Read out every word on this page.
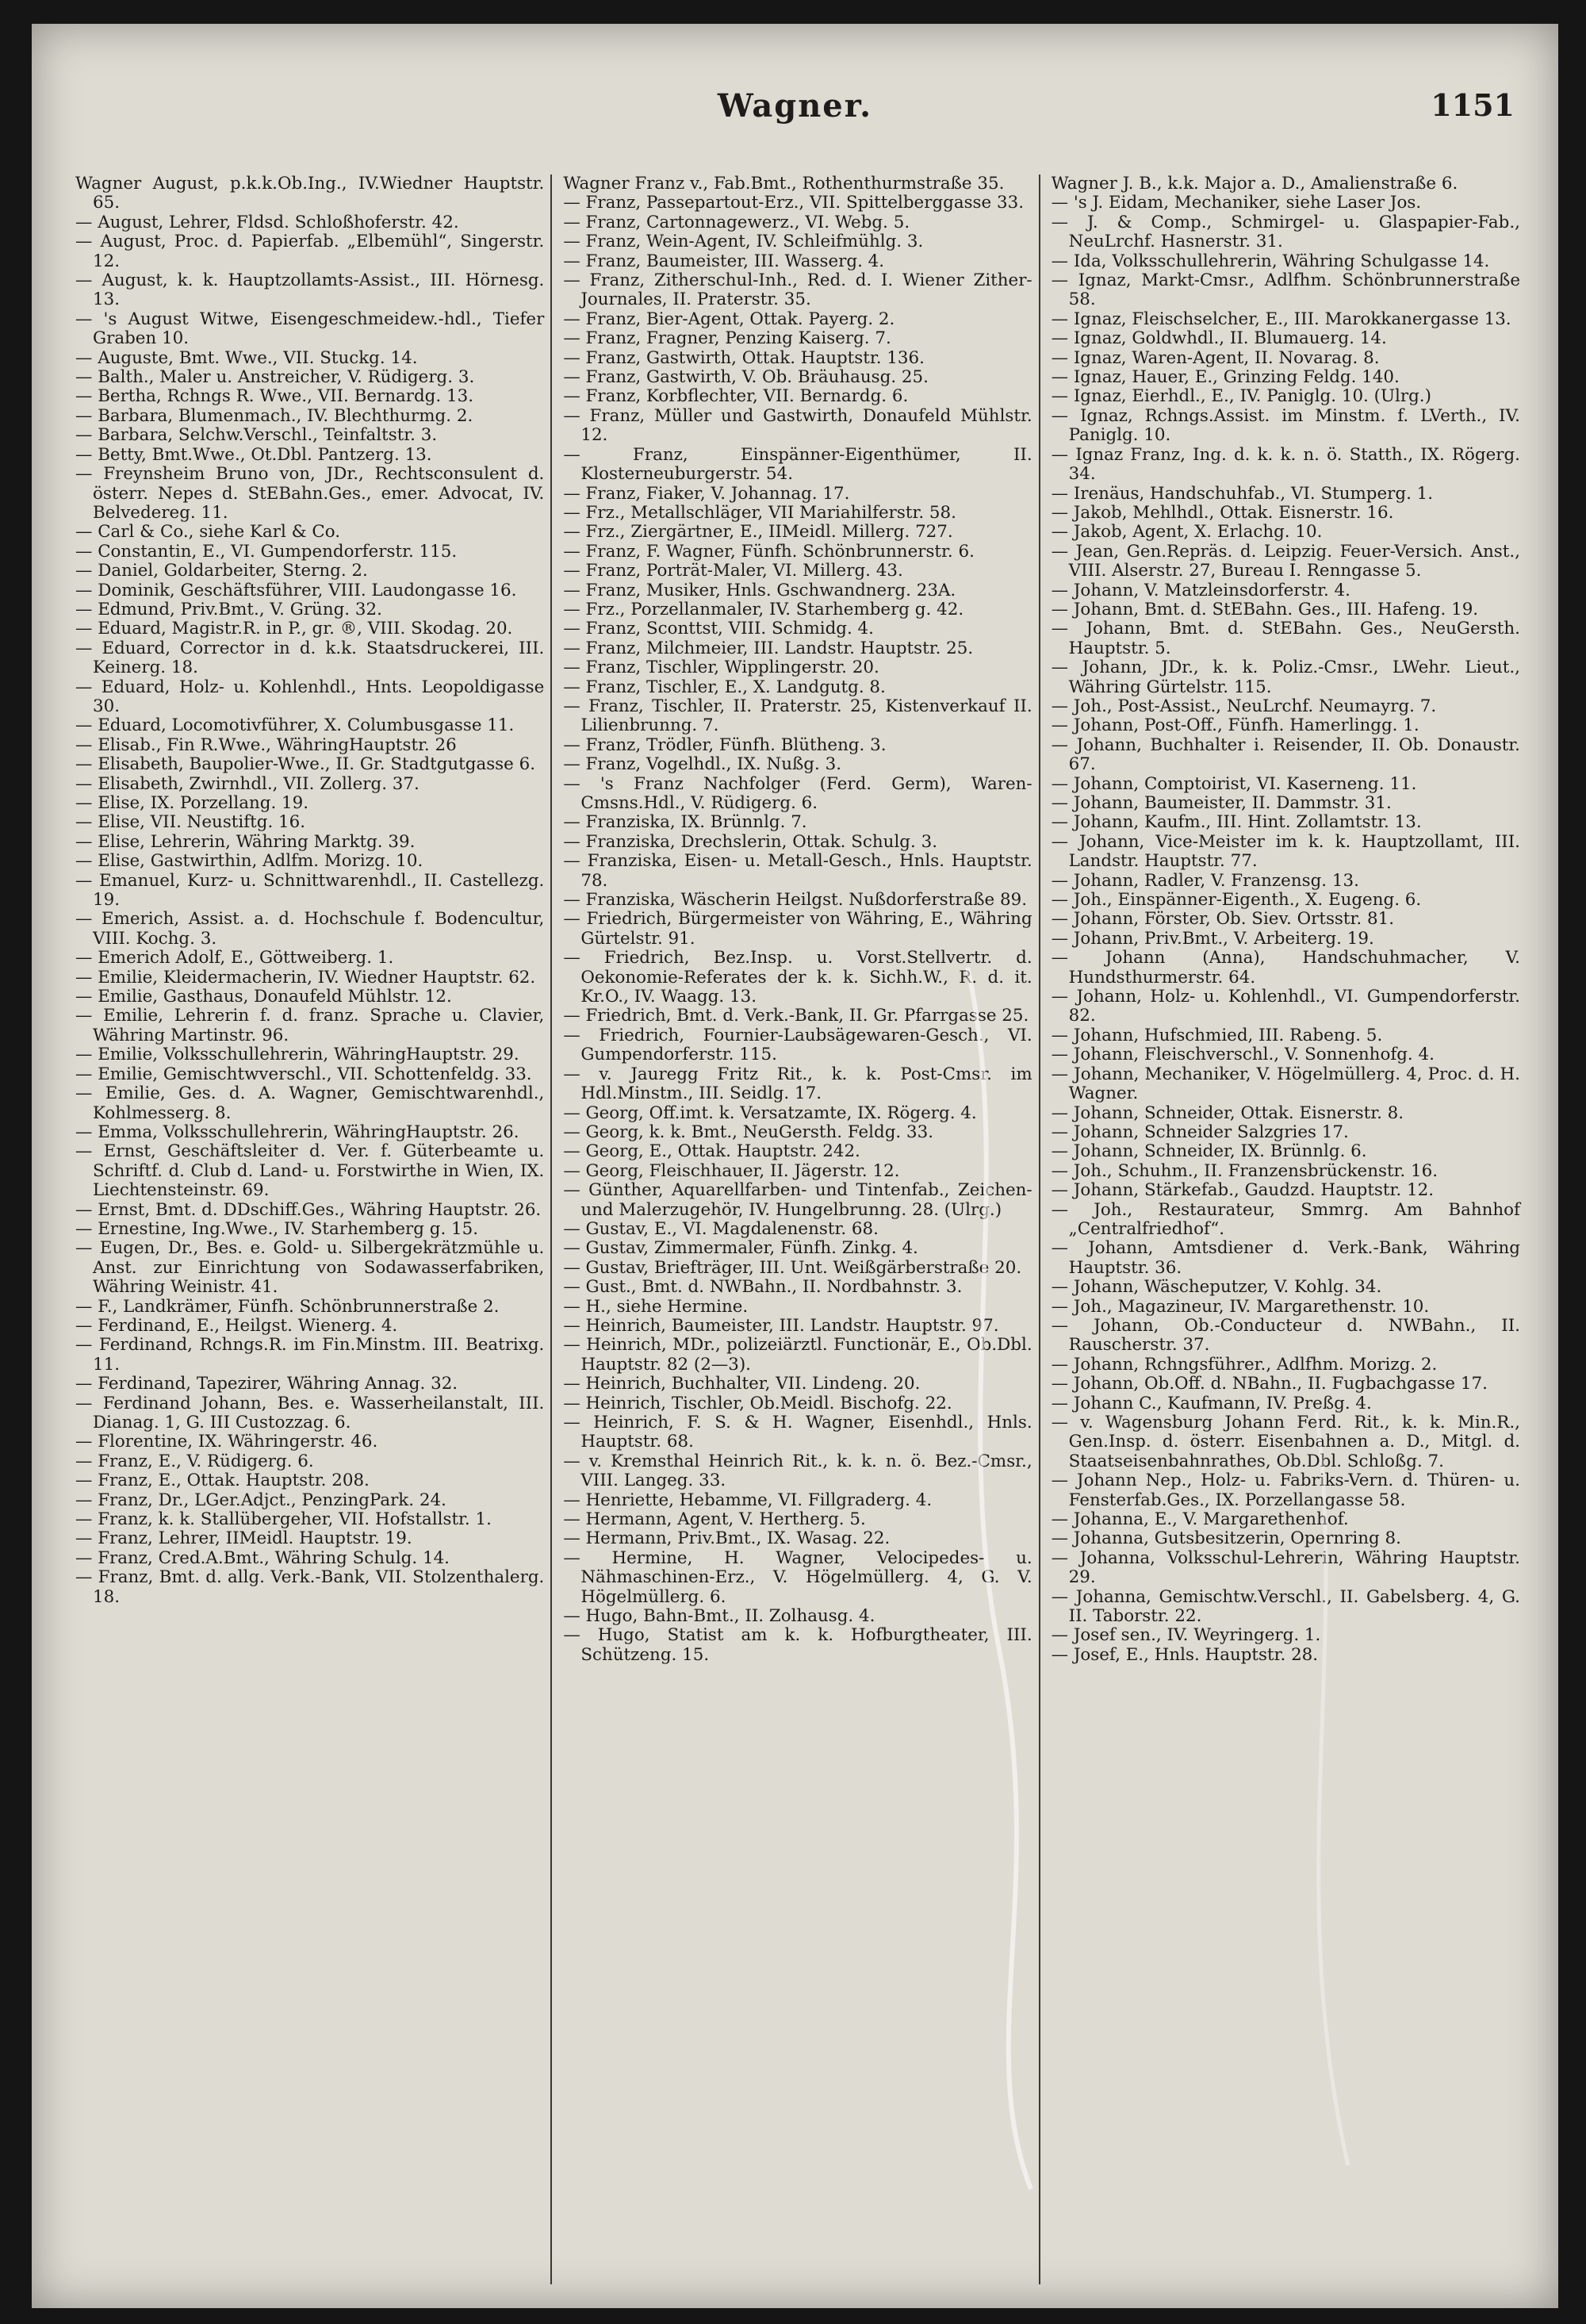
Wagner.	1151

Wagner August, p.k.k.Ob.Ing., IV.Wiedner Hauptstr. 65.

— August, Lehrer, Fldsd. Schloßhoferstr. 42.

— August, Proc. d. Papierfab. „Elbemühl“, Singerstr. 12.

— August, k. k. Hauptzollamts-Assist., III. Hörnesg. 13.

— 's August Witwe, Eisengeschmeidew.-hdl., Tiefer Graben 10.

— Auguste, Bmt. Wwe., VII. Stuckg. 14.

— Balth., Maler u. Anstreicher, V. Rüdigerg. 3.

— Bertha, Rchngs R. Wwe., VII. Bernardg. 13.

— Barbara, Blumenmach., IV. Blechthurmg. 2.

— Barbara, Selchw.Verschl., Teinfaltstr. 3.

— Betty, Bmt.Wwe., Ot.Dbl. Pantzerg. 13.

— Freynsheim Bruno von, JDr., Rechtsconsulent d. österr. Nepes d. StEBahn.Ges., emer. Advocat, IV. Belvedereg. 11.

— Carl & Co., siehe Karl & Co.

— Constantin, E., VI. Gumpendorferstr. 115.

— Daniel, Goldarbeiter, Sterng. 2.

— Dominik, Geschäftsführer, VIII. Laudongasse 16.

— Edmund, Priv.Bmt., V. Grüng. 32.

— Eduard, Magistr.R. in P., gr. ®, VIII. Skodag. 20.

— Eduard, Corrector in d. k.k. Staatsdruckerei, III. Keinerg. 18.

— Eduard, Holz- u. Kohlenhdl., Hnts. Leopoldigasse 30.

— Eduard, Locomotivführer, X. Columbusgasse 11.

— Elisab., Fin R.Wwe., WähringHauptstr. 26

— Elisabeth, Baupolier-Wwe., II. Gr. Stadtgutgasse 6.

— Elisabeth, Zwirnhdl., VII. Zollerg. 37.

— Elise, IX. Porzellang. 19.

— Elise, VII. Neustiftg. 16.

— Elise, Lehrerin, Währing Marktg. 39.

— Elise, Gastwirthin, Adlfm. Morizg. 10.

— Emanuel, Kurz- u. Schnittwarenhdl., II. Castellezg. 19.

— Emerich, Assist. a. d. Hochschule f. Bodencultur, VIII. Kochg. 3.

— Emerich Adolf, E., Göttweiberg. 1.

— Emilie, Kleidermacherin, IV. Wiedner Hauptstr. 62.

— Emilie, Gasthaus, Donaufeld Mühlstr. 12.

— Emilie, Lehrerin f. d. franz. Sprache u. Clavier, Währing Martinstr. 96.

— Emilie, Volksschullehrerin, WähringHauptstr. 29.

— Emilie, Gemischtwverschl., VII. Schottenfeldg. 33.

— Emilie, Ges. d. A. Wagner, Gemischtwarenhdl., Kohlmesserg. 8.

— Emma, Volksschullehrerin, WähringHauptstr. 26.

— Ernst, Geschäftsleiter d. Ver. f. Güterbeamte u. Schriftf. d. Club d. Land- u. Forstwirthe in Wien, IX. Liechtensteinstr. 69.

— Ernst, Bmt. d. DDschiff.Ges., Währing Hauptstr. 26.

— Ernestine, Ing.Wwe., IV. Starhemberg g. 15.

— Eugen, Dr., Bes. e. Gold- u. Silbergekrätzmühle u. Anst. zur Einrichtung von Sodawasserfabriken, Währing Weinistr. 41.

— F., Landkrämer, Fünfh. Schönbrunnerstraße 2.

— Ferdinand, E., Heilgst. Wienerg. 4.

— Ferdinand, Rchngs.R. im Fin.Minstm. III. Beatrixg. 11.

— Ferdinand, Tapezirer, Währing Annag. 32.

— Ferdinand Johann, Bes. e. Wasserheilanstalt, III. Dianag. 1, G. III Custozzag. 6.

— Florentine, IX. Währingerstr. 46.

— Franz, E., V. Rüdigerg. 6.

— Franz, E., Ottak. Hauptstr. 208.

— Franz, Dr., LGer.Adjct., PenzingPark. 24.

— Franz, k. k. Stallübergeher, VII. Hofstallstr. 1.

— Franz, Lehrer, IIMeidl. Hauptstr. 19.

— Franz, Cred.A.Bmt., Währing Schulg. 14.

— Franz, Bmt. d. allg. Verk.-Bank, VII. Stolzenthalerg. 18.

Wagner Franz v., Fab.Bmt., Rothenthurmstraße 35.

— Franz, Passepartout-Erz., VII. Spittelberggasse 33.

— Franz, Cartonnagewerz., VI. Webg. 5.

— Franz, Wein-Agent, IV. Schleifmühlg. 3.

— Franz, Baumeister, III. Wasserg. 4.

— Franz, Zitherschul-Inh., Red. d. I. Wiener Zither-Journales, II. Praterstr. 35.

— Franz, Bier-Agent, Ottak. Payerg. 2.

— Franz, Fragner, Penzing Kaiserg. 7.

— Franz, Gastwirth, Ottak. Hauptstr. 136.

— Franz, Gastwirth, V. Ob. Bräuhausg. 25.

— Franz, Korbflechter, VII. Bernardg. 6.

— Franz, Müller und Gastwirth, Donaufeld Mühlstr. 12.

— Franz, Einspänner-Eigenthümer, II. Klosterneuburgerstr. 54.

— Franz, Fiaker, V. Johannag. 17.

— Frz., Metallschläger, VII Mariahilferstr. 58.

— Frz., Ziergärtner, E., IIMeidl. Millerg. 727.

— Franz, F. Wagner, Fünfh. Schönbrunnerstr. 6.

— Franz, Porträt-Maler, VI. Millerg. 43.

— Franz, Musiker, Hnls. Gschwandnerg. 23A.

— Frz., Porzellanmaler, IV. Starhemberg g. 42.

— Franz, Sconttst, VIII. Schmidg. 4.

— Franz, Milchmeier, III. Landstr. Hauptstr. 25.

— Franz, Tischler, Wipplingerstr. 20.

— Franz, Tischler, E., X. Landgutg. 8.

— Franz, Tischler, II. Praterstr. 25, Kistenverkauf II. Lilienbrunng. 7.

— Franz, Trödler, Fünfh. Blütheng. 3.

— Franz, Vogelhdl., IX. Nußg. 3.

— 's Franz Nachfolger (Ferd. Germ), Waren-Cmsns.Hdl., V. Rüdigerg. 6.

— Franziska, IX. Brünnlg. 7.

— Franziska, Drechslerin, Ottak. Schulg. 3.

— Franziska, Eisen- u. Metall-Gesch., Hnls. Hauptstr. 78.

— Franziska, Wäscherin Heilgst. Nußdorferstraße 89.

— Friedrich, Bürgermeister von Währing, E., Währing Gürtelstr. 91.

— Friedrich, Bez.Insp. u. Vorst.Stellvertr. d. Oekonomie-Referates der k. k. Sichh.W., R. d. it. Kr.O., IV. Waagg. 13.

— Friedrich, Bmt. d. Verk.-Bank, II. Gr. Pfarrgasse 25.

— Friedrich, Fournier-Laubsägewaren-Gesch., VI. Gumpendorferstr. 115.

— v. Jauregg Fritz Rit., k. k. Post-Cmsr. im Hdl.Minstm., III. Seidlg. 17.

— Georg, Off.imt. k. Versatzamte, IX. Rögerg. 4.

— Georg, k. k. Bmt., NeuGersth. Feldg. 33.

— Georg, E., Ottak. Hauptstr. 242.

— Georg, Fleischhauer, II. Jägerstr. 12.

— Günther, Aquarellfarben- und Tintenfab., Zeichen- und Malerzugehör, IV. Hungelbrunng. 28. (Ulrg.)

— Gustav, E., VI. Magdalenenstr. 68.

— Gustav, Zimmermaler, Fünfh. Zinkg. 4.

— Gustav, Briefträger, III. Unt. Weißgärberstraße 20.

— Gust., Bmt. d. NWBahn., II. Nordbahnstr. 3.

— H., siehe Hermine.

— Heinrich, Baumeister, III. Landstr. Hauptstr. 97.

— Heinrich, MDr., polizeiärztl. Functionär, E., Ob.Dbl. Hauptstr. 82 (2—3).

— Heinrich, Buchhalter, VII. Lindeng. 20.

— Heinrich, Tischler, Ob.Meidl. Bischofg. 22.

— Heinrich, F. S. & H. Wagner, Eisenhdl., Hnls. Hauptstr. 68.

— v. Kremsthal Heinrich Rit., k. k. n. ö. Bez.-Cmsr., VIII. Langeg. 33.

— Henriette, Hebamme, VI. Fillgraderg. 4.

— Hermann, Agent, V. Hertherg. 5.

— Hermann, Priv.Bmt., IX. Wasag. 22.

— Hermine, H. Wagner, Velocipedes- u. Nähmaschinen-Erz., V. Högelmüllerg. 4, G. V. Högelmüllerg. 6.

— Hugo, Bahn-Bmt., II. Zolhausg. 4.

— Hugo, Statist am k. k. Hofburgtheater, III. Schützeng. 15.

Wagner J. B., k.k. Major a. D., Amalienstraße 6.

— 's J. Eidam, Mechaniker, siehe Laser Jos.

— J. & Comp., Schmirgel- u. Glaspapier-Fab., NeuLrchf. Hasnerstr. 31.

— Ida, Volksschullehrerin, Währing Schulgasse 14.

— Ignaz, Markt-Cmsr., Adlfhm. Schönbrunnerstraße 58.

— Ignaz, Fleischselcher, E., III. Marokkanergasse 13.

— Ignaz, Goldwhdl., II. Blumauerg. 14.

— Ignaz, Waren-Agent, II. Novarag. 8.

— Ignaz, Hauer, E., Grinzing Feldg. 140.

— Ignaz, Eierhdl., E., IV. Paniglg. 10. (Ulrg.)

— Ignaz, Rchngs.Assist. im Minstm. f. LVerth., IV. Paniglg. 10.

— Ignaz Franz, Ing. d. k. k. n. ö. Statth., IX. Rögerg. 34.

— Irenäus, Handschuhfab., VI. Stumperg. 1.

— Jakob, Mehlhdl., Ottak. Eisnerstr. 16.

— Jakob, Agent, X. Erlachg. 10.

— Jean, Gen.Repräs. d. Leipzig. Feuer-Versich. Anst., VIII. Alserstr. 27, Bureau I. Renngasse 5.

— Johann, V. Matzleinsdorferstr. 4.

— Johann, Bmt. d. StEBahn. Ges., III. Hafeng. 19.

— Johann, Bmt. d. StEBahn. Ges., NeuGersth. Hauptstr. 5.

— Johann, JDr., k. k. Poliz.-Cmsr., LWehr. Lieut., Währing Gürtelstr. 115.

— Joh., Post-Assist., NeuLrchf. Neumayrg. 7.

— Johann, Post-Off., Fünfh. Hamerlingg. 1.

— Johann, Buchhalter i. Reisender, II. Ob. Donaustr. 67.

— Johann, Comptoirist, VI. Kaserneng. 11.

— Johann, Baumeister, II. Dammstr. 31.

— Johann, Kaufm., III. Hint. Zollamtstr. 13.

— Johann, Vice-Meister im k. k. Hauptzollamt, III. Landstr. Hauptstr. 77.

— Johann, Radler, V. Franzensg. 13.

— Joh., Einspänner-Eigenth., X. Eugeng. 6.

— Johann, Förster, Ob. Siev. Ortsstr. 81.

— Johann, Priv.Bmt., V. Arbeiterg. 19.

— Johann (Anna), Handschuhmacher, V. Hundsthurmerstr. 64.

— Johann, Holz- u. Kohlenhdl., VI. Gumpendorferstr. 82.

— Johann, Hufschmied, III. Rabeng. 5.

— Johann, Fleischverschl., V. Sonnenhofg. 4.

— Johann, Mechaniker, V. Högelmüllerg. 4, Proc. d. H. Wagner.

— Johann, Schneider, Ottak. Eisnerstr. 8.

— Johann, Schneider Salzgries 17.

— Johann, Schneider, IX. Brünnlg. 6.

— Joh., Schuhm., II. Franzensbrückenstr. 16.

— Johann, Stärkefab., Gaudzd. Hauptstr. 12.

— Joh., Restaurateur, Smmrg. Am Bahnhof „Centralfriedhof“.

— Johann, Amtsdiener d. Verk.-Bank, Währing Hauptstr. 36.

— Johann, Wäscheputzer, V. Kohlg. 34.

— Joh., Magazineur, IV. Margarethenstr. 10.

— Johann, Ob.-Conducteur d. NWBahn., II. Rauscherstr. 37.

— Johann, Rchngsführer., Adlfhm. Morizg. 2.

— Johann, Ob.Off. d. NBahn., II. Fugbachgasse 17.

— Johann C., Kaufmann, IV. Preßg. 4.

— v. Wagensburg Johann Ferd. Rit., k. k. Min.R., Gen.Insp. d. österr. Eisenbahnen a. D., Mitgl. d. Staatseisenbahnrathes, Ob.Dbl. Schloßg. 7.

— Johann Nep., Holz- u. Fabriks-Vern. d. Thüren- u. Fensterfab.Ges., IX. Porzellangasse 58.

— Johanna, E., V. Margarethenhof.

— Johanna, Gutsbesitzerin, Opernring 8.

— Johanna, Volksschul-Lehrerin, Währing Hauptstr. 29.

— Johanna, Gemischtw.Verschl., II. Gabelsberg. 4, G. II. Taborstr. 22.

— Josef sen., IV. Weyringerg. 1.

— Josef, E., Hnls. Hauptstr. 28.
